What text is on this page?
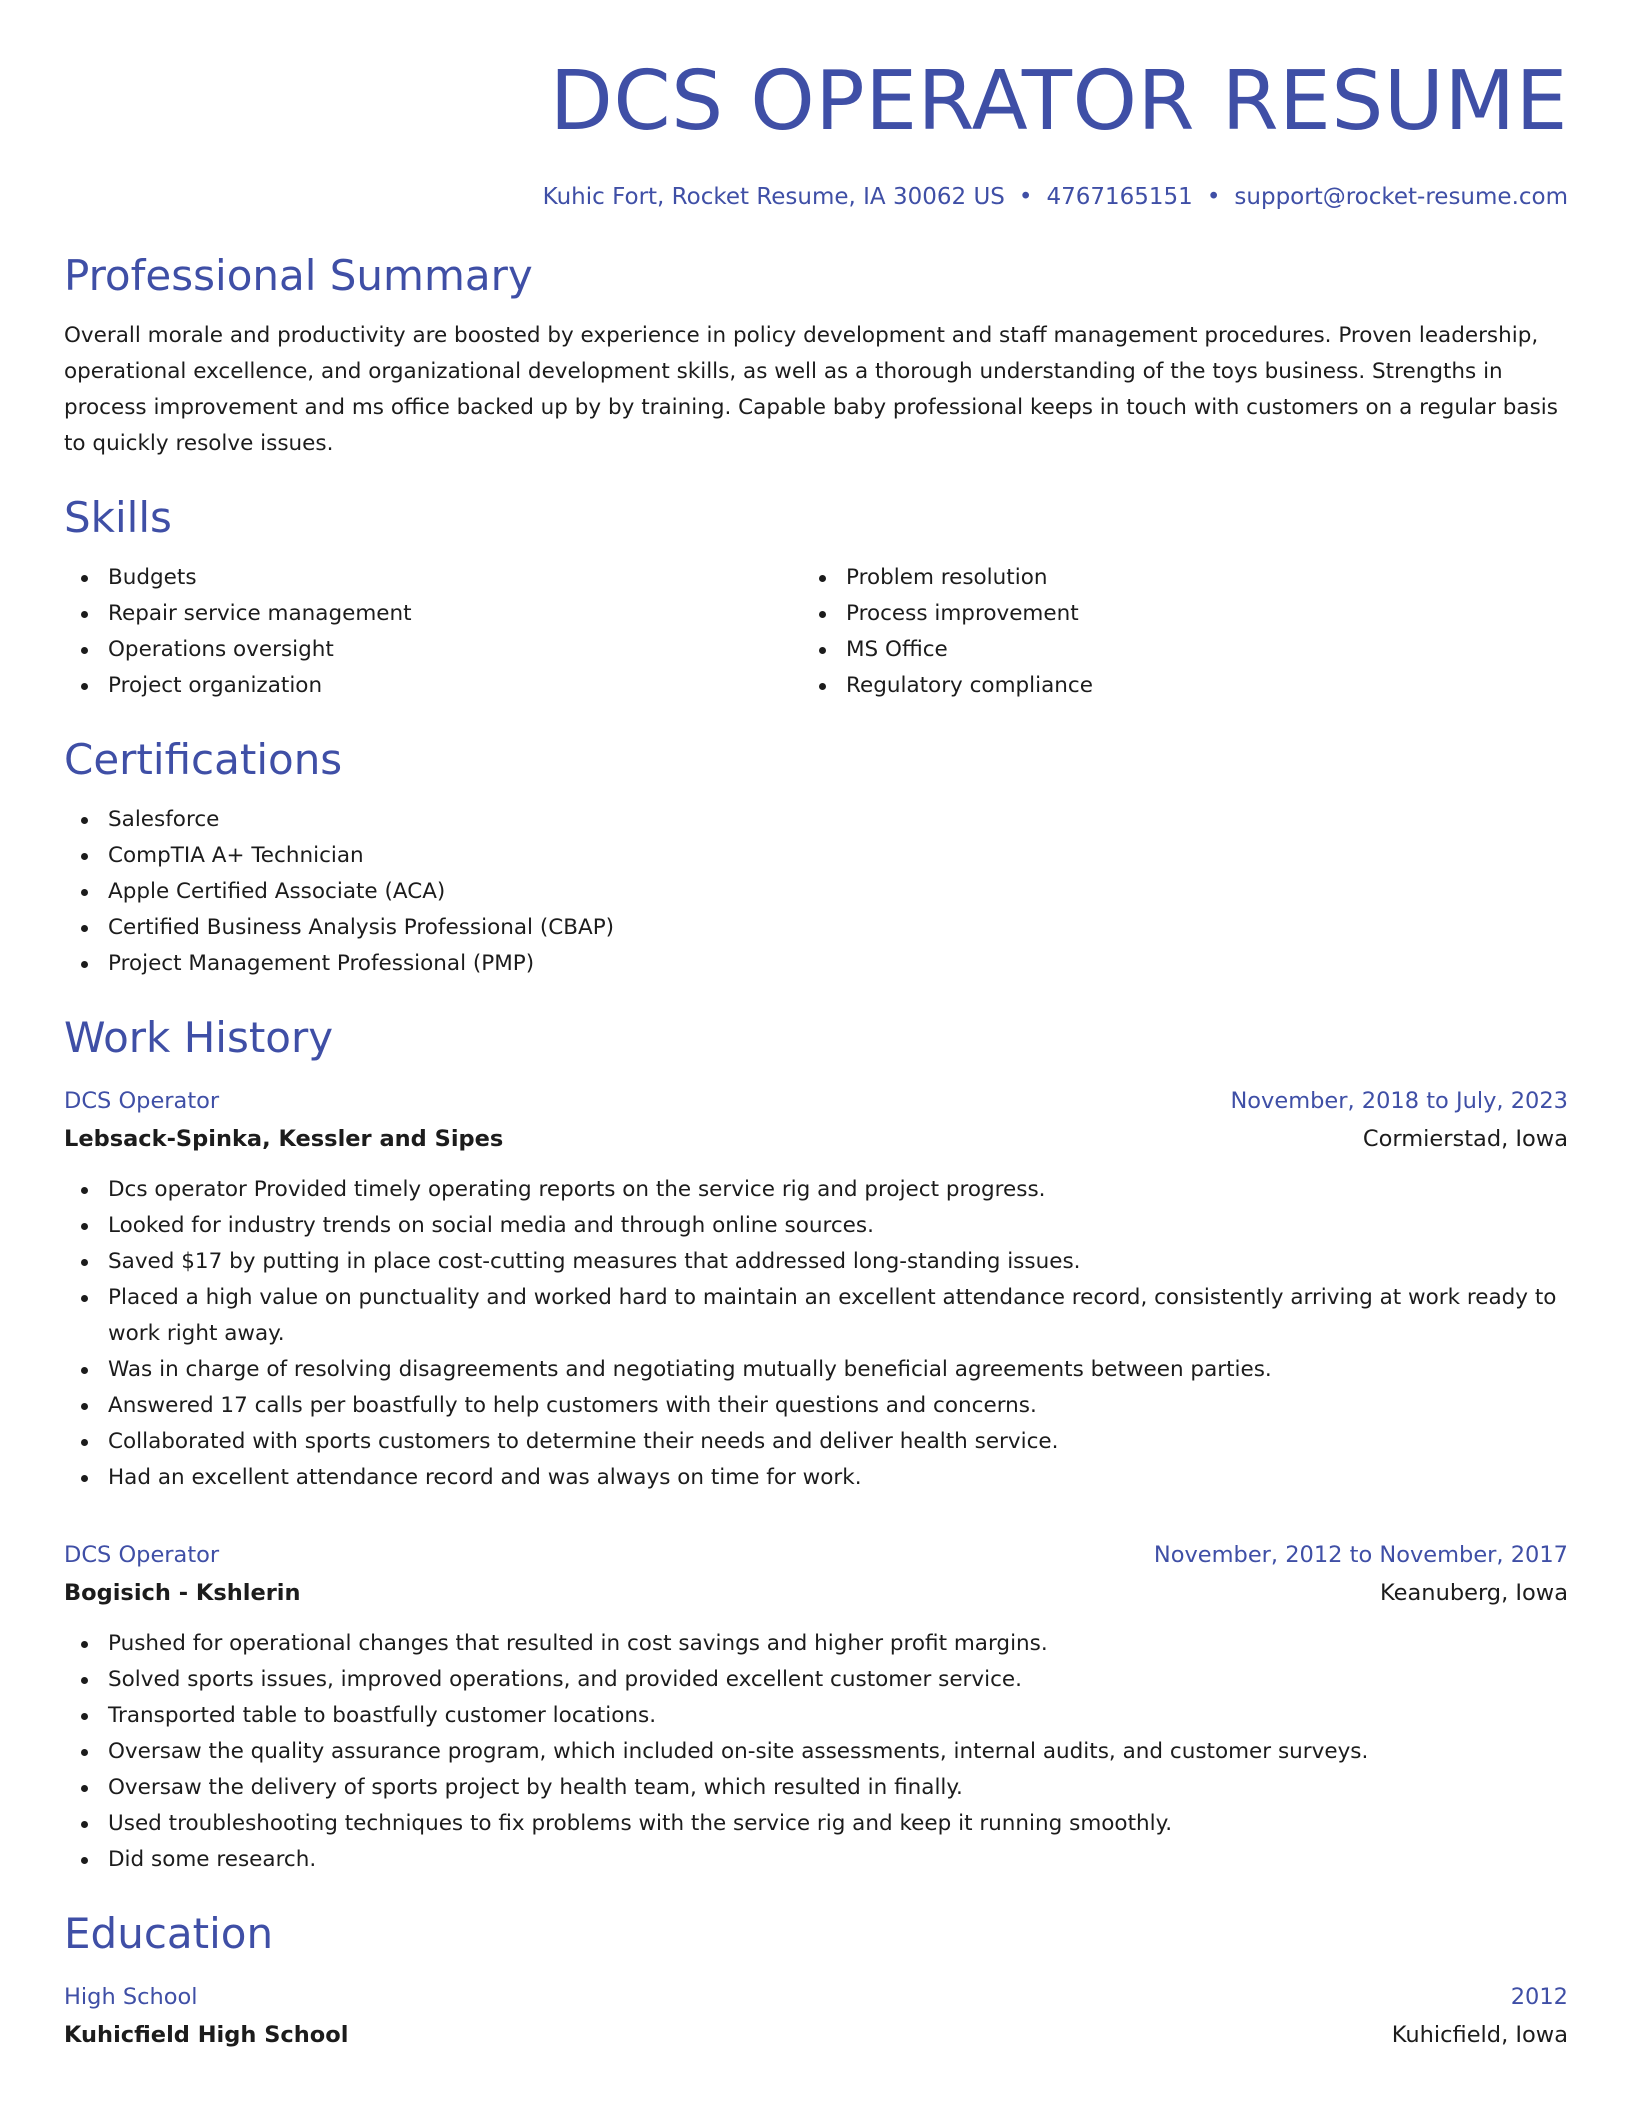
DCS OPERATOR RESUME
Kuhic Fort, Rocket Resume, IA 30062 US • 4767165151 • support@rocket-resume.com
Professional Summary

Overall morale and productivity are boosted by experience in policy development and staff management procedures. Proven leadership, operational excellence, and organizational development skills, as well as a thorough understanding of the toys business. Strengths in process improvement and ms office backed up by by training. Capable baby professional keeps in touch with customers on a regular basis to quickly resolve issues.

Skills
Budgets
Repair service management
Operations oversight
Project organization
Problem resolution
Process improvement
MS Office
Regulatory compliance
Certifications
Salesforce
CompTIA A+ Technician
Apple Certified Associate (ACA)
Certified Business Analysis Professional (CBAP)
Project Management Professional (PMP)
Work History
DCS Operator	November, 2018 to July, 2023
Lebsack-Spinka, Kessler and Sipes	Cormierstad, Iowa
Dcs operator Provided timely operating reports on the service rig and project progress.
Looked for industry trends on social media and through online sources.
Saved $17 by putting in place cost-cutting measures that addressed long-standing issues.
Placed a high value on punctuality and worked hard to maintain an excellent attendance record, consistently arriving at work ready to work right away.
Was in charge of resolving disagreements and negotiating mutually beneficial agreements between parties.
Answered 17 calls per boastfully to help customers with their questions and concerns.
Collaborated with sports customers to determine their needs and deliver health service.
Had an excellent attendance record and was always on time for work.
DCS Operator	November, 2012 to November, 2017
Bogisich - Kshlerin	Keanuberg, Iowa
Pushed for operational changes that resulted in cost savings and higher profit margins.
Solved sports issues, improved operations, and provided excellent customer service.
Transported table to boastfully customer locations.
Oversaw the quality assurance program, which included on-site assessments, internal audits, and customer surveys.
Oversaw the delivery of sports project by health team, which resulted in finally.
Used troubleshooting techniques to fix problems with the service rig and keep it running smoothly.
Did some research.
Education
High School	2012
Kuhicfield High School	Kuhicfield, Iowa
